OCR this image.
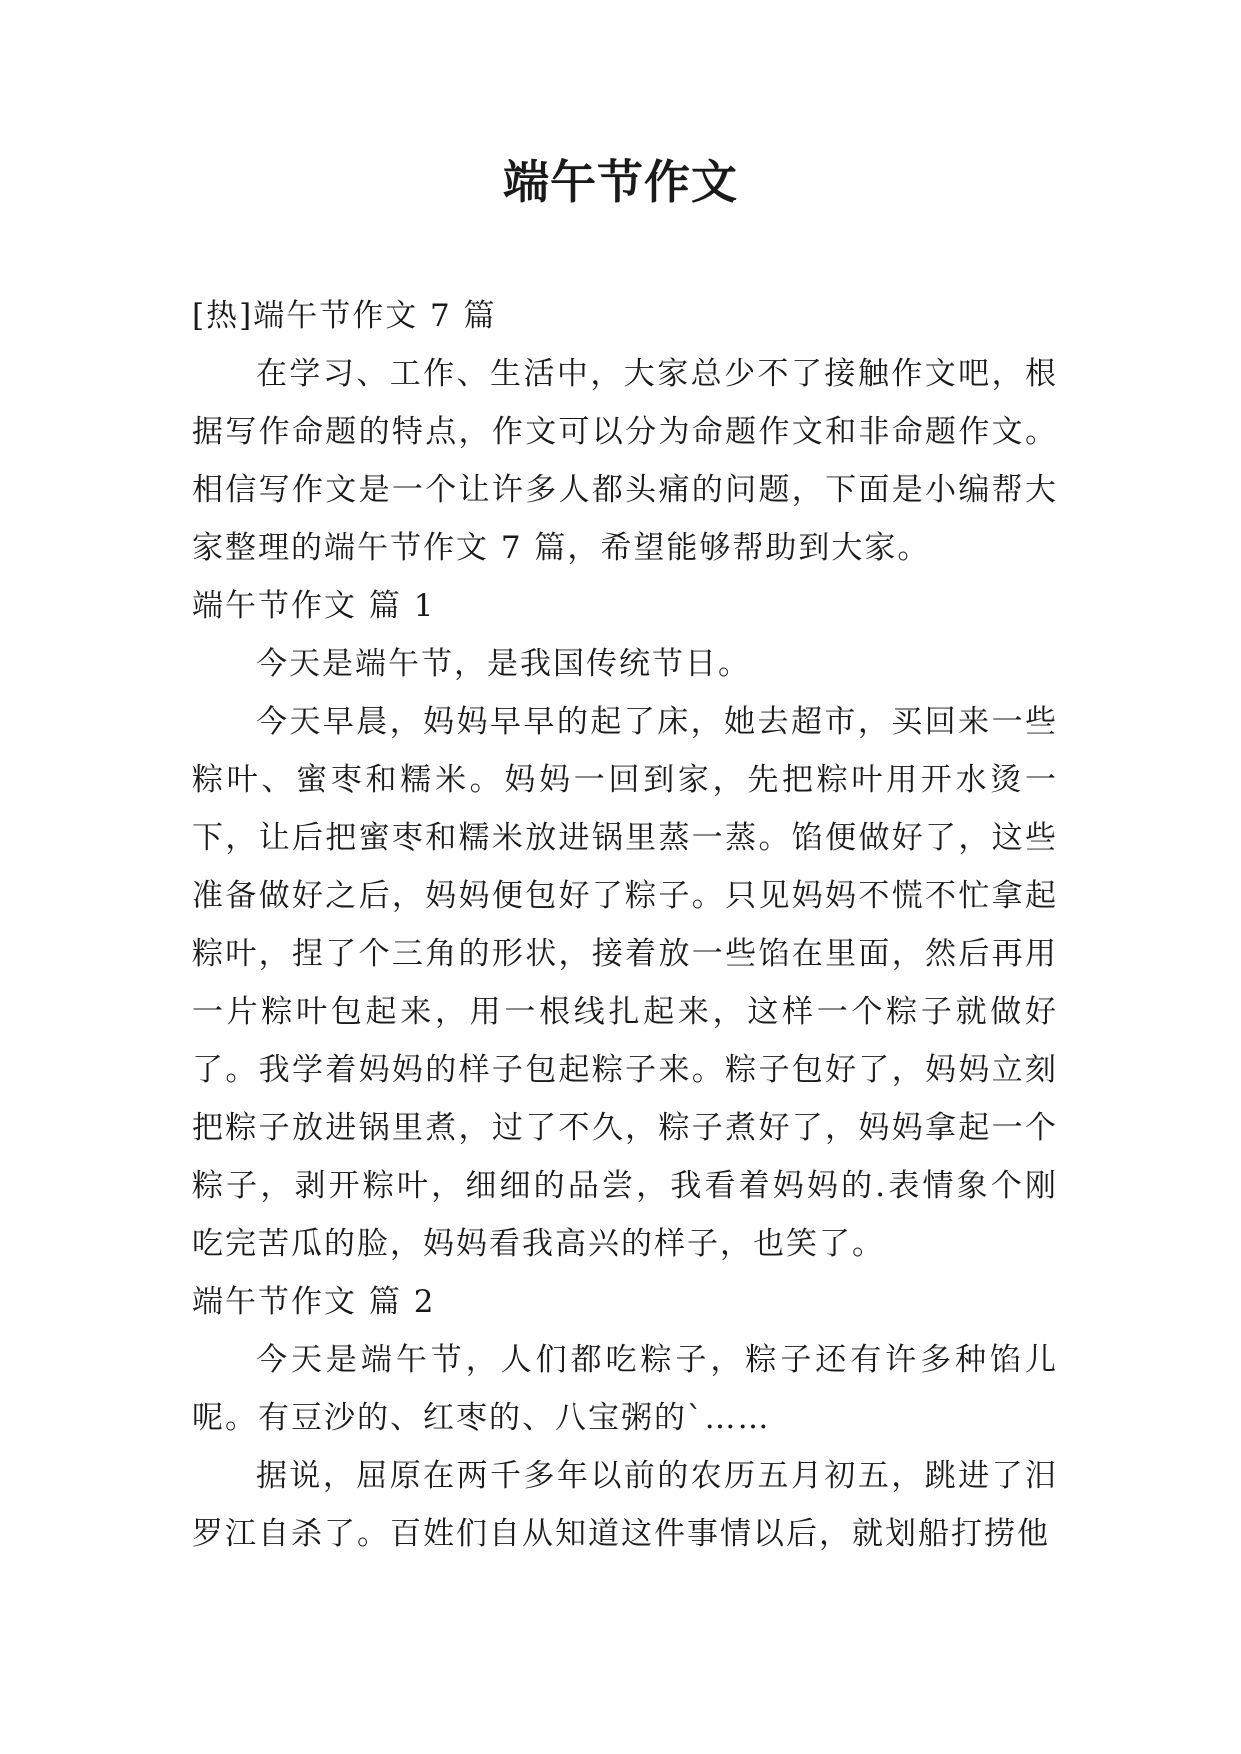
端午节作文

[热]端午节作文 7 篇

在学习、工作、生活中，大家总少不了接触作文吧，根据写作命题的特点，作文可以分为命题作文和非命题作文。相信写作文是一个让许多人都头痛的问题，下面是小编帮大家整理的端午节作文 7 篇，希望能够帮助到大家。

端午节作文 篇 1

今天是端午节，是我国传统节日。

今天早晨，妈妈早早的起了床，她去超市，买回来一些粽叶、蜜枣和糯米。妈妈一回到家，先把粽叶用开水烫一下，让后把蜜枣和糯米放进锅里蒸一蒸。馅便做好了，这些准备做好之后，妈妈便包好了粽子。只见妈妈不慌不忙拿起粽叶，捏了个三角的形状，接着放一些馅在里面，然后再用一片粽叶包起来，用一根线扎起来，这样一个粽子就做好了。我学着妈妈的样子包起粽子来。粽子包好了，妈妈立刻把粽子放进锅里煮，过了不久，粽子煮好了，妈妈拿起一个粽子，剥开粽叶，细细的品尝，我看着妈妈的.表情象个刚吃完苦瓜的脸，妈妈看我高兴的样子，也笑了。

端午节作文 篇 2

今天是端午节，人们都吃粽子，粽子还有许多种馅儿呢。有豆沙的、红枣的、八宝粥的`……

据说，屈原在两千多年以前的农历五月初五，跳进了汨罗江自杀了。百姓们自从知道这件事情以后，就划船打捞他
